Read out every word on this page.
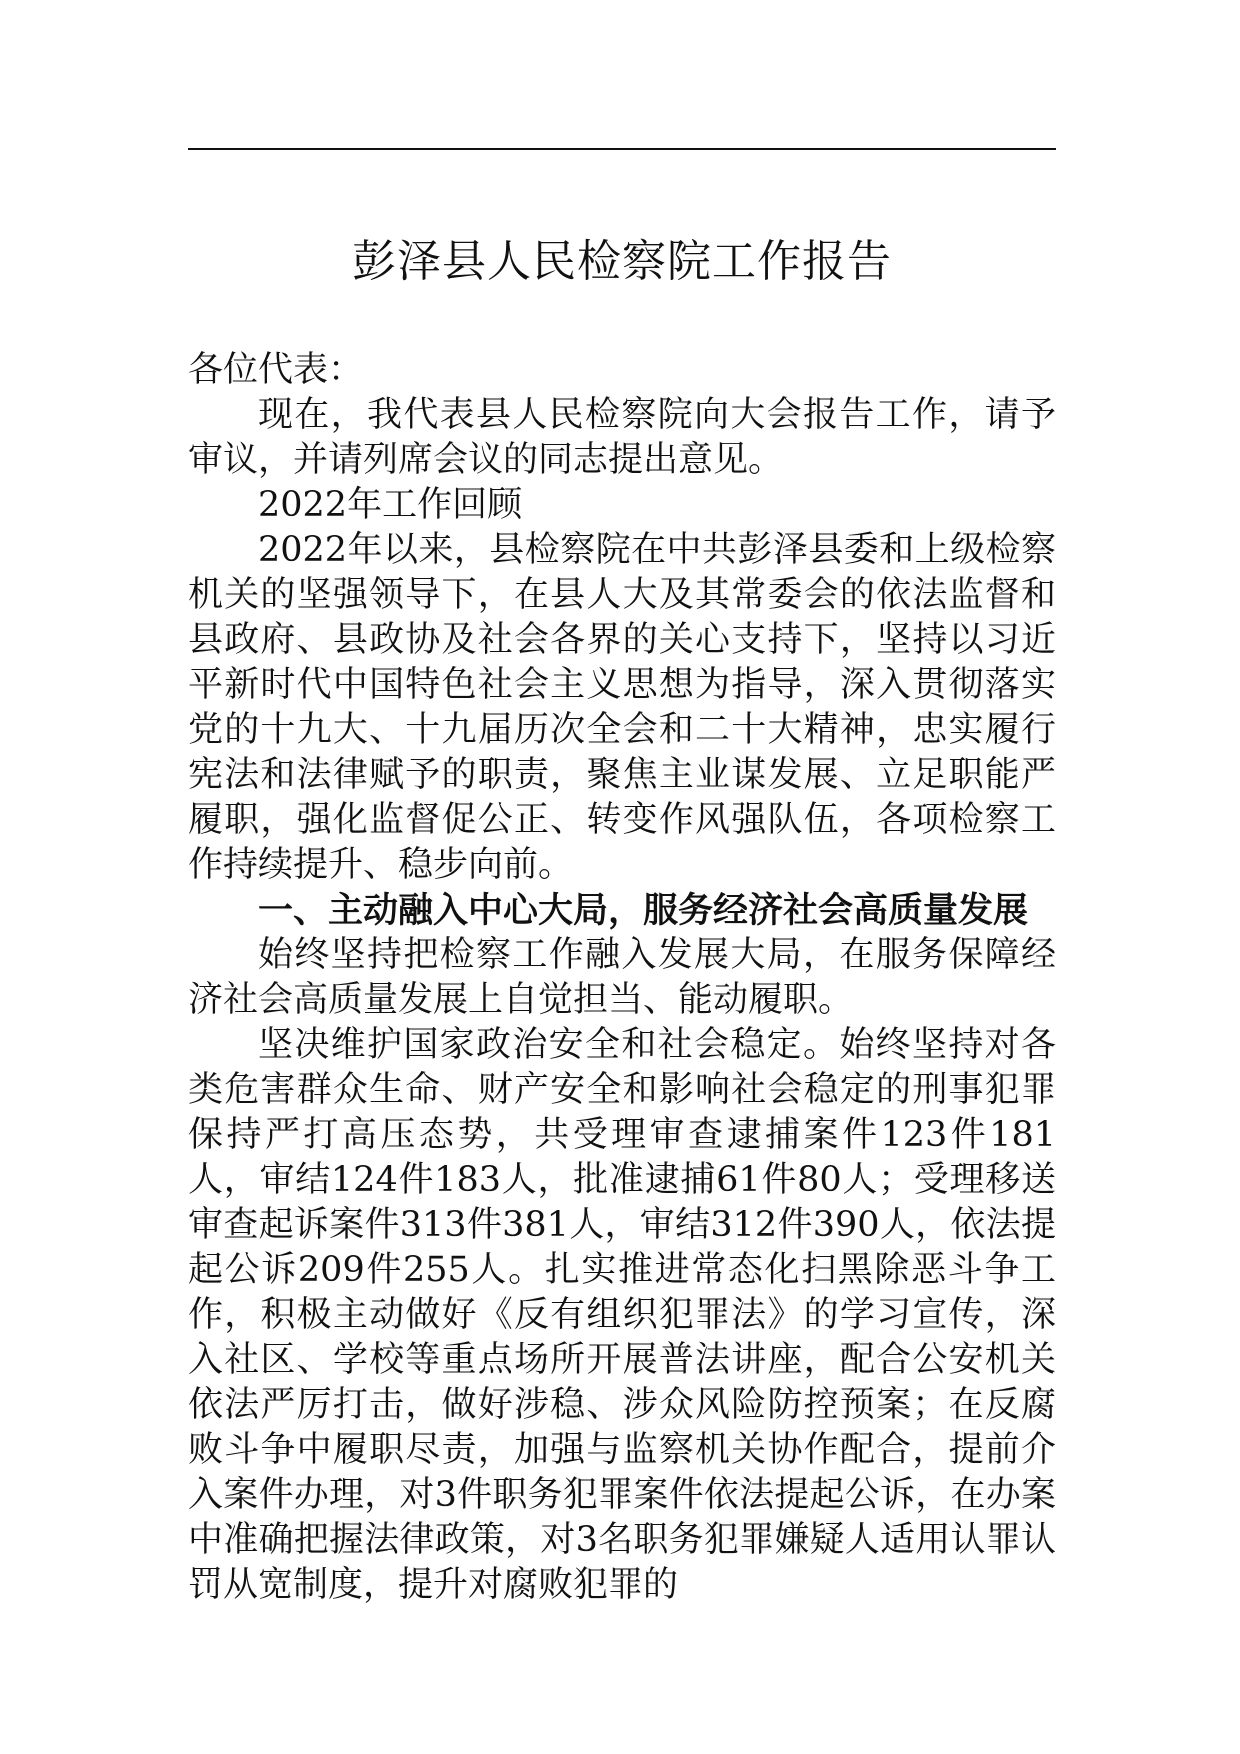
彭泽县人民检察院工作报告

各位代表：

现在，我代表县人民检察院向大会报告工作，请予审议，并请列席会议的同志提出意见。

2022年工作回顾

2022年以来，县检察院在中共彭泽县委和上级检察机关的坚强领导下，在县人大及其常委会的依法监督和县政府、县政协及社会各界的关心支持下，坚持以习近平新时代中国特色社会主义思想为指导，深入贯彻落实党的十九大、十九届历次全会和二十大精神，忠实履行宪法和法律赋予的职责，聚焦主业谋发展、立足职能严履职，强化监督促公正、转变作风强队伍，各项检察工作持续提升、稳步向前。

一、主动融入中心大局，服务经济社会高质量发展

始终坚持把检察工作融入发展大局，在服务保障经济社会高质量发展上自觉担当、能动履职。

坚决维护国家政治安全和社会稳定。始终坚持对各类危害群众生命、财产安全和影响社会稳定的刑事犯罪保持严打高压态势，共受理审查逮捕案件123件181人，审结124件183人，批准逮捕61件80人；受理移送审查起诉案件313件381人，审结312件390人，依法提起公诉209件255人。扎实推进常态化扫黑除恶斗争工作，积极主动做好《反有组织犯罪法》的学习宣传，深入社区、学校等重点场所开展普法讲座，配合公安机关依法严厉打击，做好涉稳、涉众风险防控预案；在反腐败斗争中履职尽责，加强与监察机关协作配合，提前介入案件办理，对3件职务犯罪案件依法提起公诉，在办案中准确把握法律政策，对3名职务犯罪嫌疑人适用认罪认罚从宽制度，提升对腐败犯罪的
